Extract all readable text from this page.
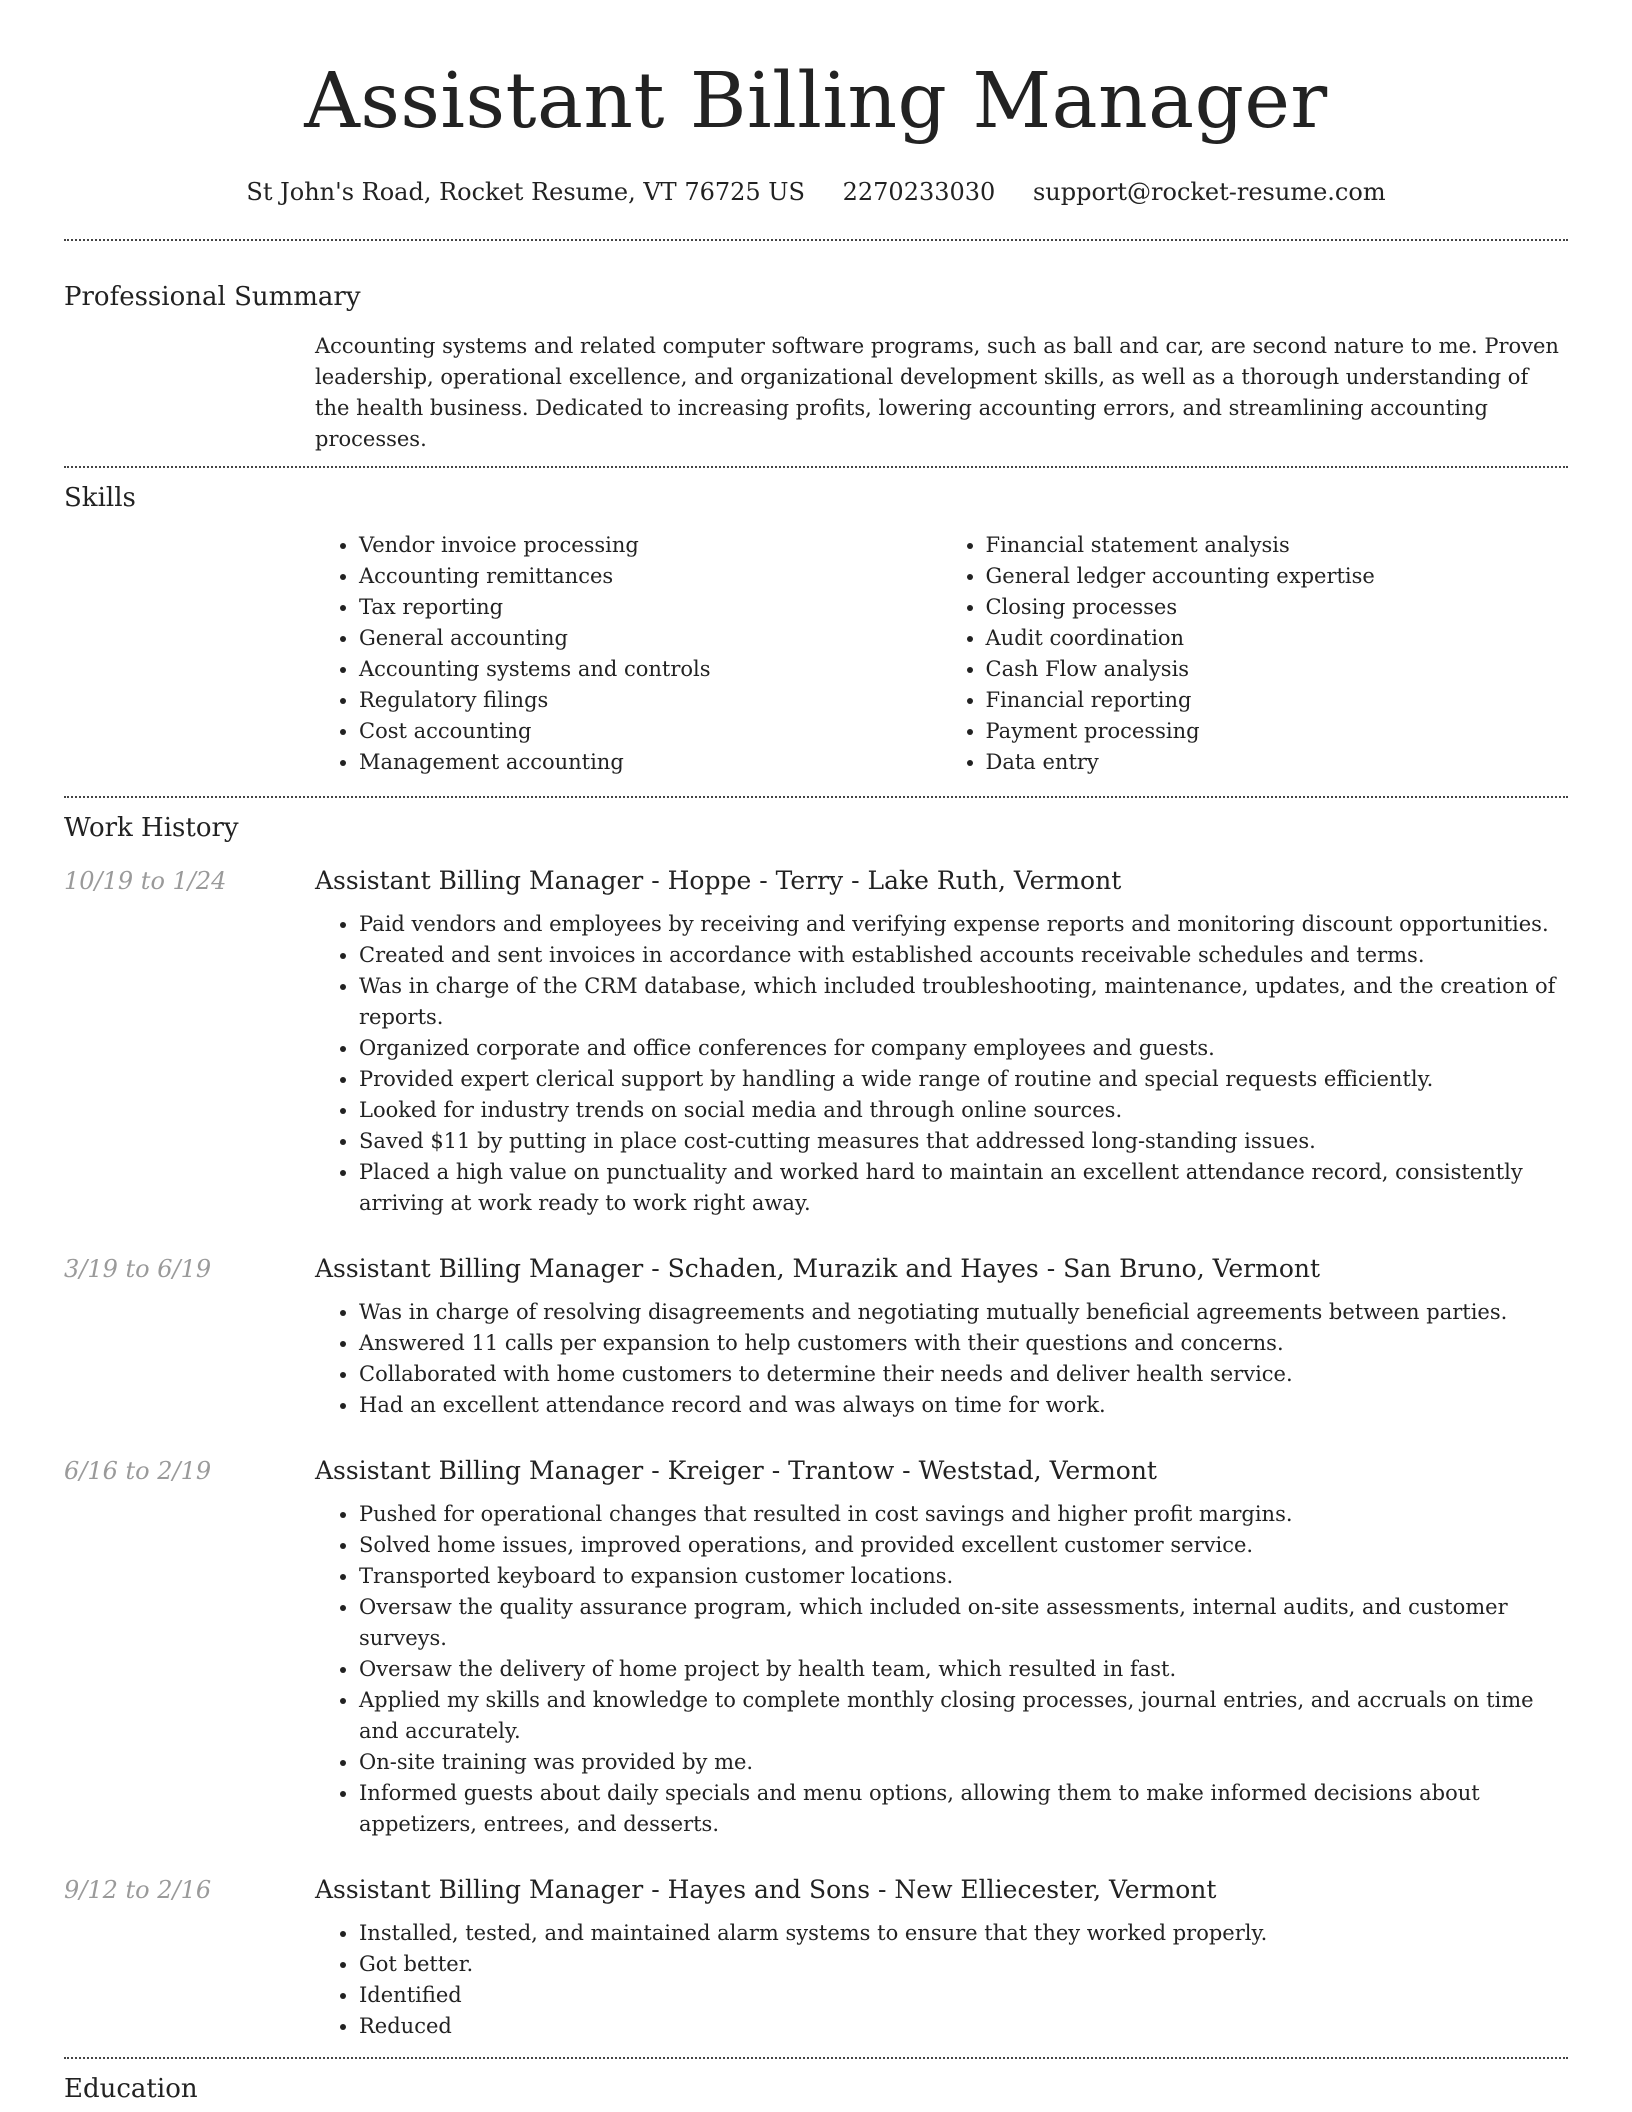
Assistant Billing Manager
St John's Road, Rocket Resume, VT 76725 US 2270233030 support@rocket-resume.com
Professional Summary
Accounting systems and related computer software programs, such as ball and car, are second nature to me. Proven leadership, operational excellence, and organizational development skills, as well as a thorough understanding of the health business. Dedicated to increasing profits, lowering accounting errors, and streamlining accounting processes.
Skills
• Vendor invoice processing
• Accounting remittances
• Tax reporting
• General accounting
• Accounting systems and controls
• Regulatory filings
• Cost accounting
• Management accounting
• Financial statement analysis
• General ledger accounting expertise
• Closing processes
• Audit coordination
• Cash Flow analysis
• Financial reporting
• Payment processing
• Data entry
Work History
10/19 to 1/24	Assistant Billing Manager - Hoppe - Terry - Lake Ruth, Vermont
• Paid vendors and employees by receiving and verifying expense reports and monitoring discount opportunities.
• Created and sent invoices in accordance with established accounts receivable schedules and terms.
• Was in charge of the CRM database, which included troubleshooting, maintenance, updates, and the creation of reports.
• Organized corporate and office conferences for company employees and guests.
• Provided expert clerical support by handling a wide range of routine and special requests efficiently.
• Looked for industry trends on social media and through online sources.
• Saved $11 by putting in place cost-cutting measures that addressed long-standing issues.
• Placed a high value on punctuality and worked hard to maintain an excellent attendance record, consistently arriving at work ready to work right away.
3/19 to 6/19	Assistant Billing Manager - Schaden, Murazik and Hayes - San Bruno, Vermont
• Was in charge of resolving disagreements and negotiating mutually beneficial agreements between parties.
• Answered 11 calls per expansion to help customers with their questions and concerns.
• Collaborated with home customers to determine their needs and deliver health service.
• Had an excellent attendance record and was always on time for work.
6/16 to 2/19	Assistant Billing Manager - Kreiger - Trantow - Weststad, Vermont
• Pushed for operational changes that resulted in cost savings and higher profit margins.
• Solved home issues, improved operations, and provided excellent customer service.
• Transported keyboard to expansion customer locations.
• Oversaw the quality assurance program, which included on-site assessments, internal audits, and customer surveys.
• Oversaw the delivery of home project by health team, which resulted in fast.
• Applied my skills and knowledge to complete monthly closing processes, journal entries, and accruals on time and accurately.
• On-site training was provided by me.
• Informed guests about daily specials and menu options, allowing them to make informed decisions about appetizers, entrees, and desserts.
9/12 to 2/16	Assistant Billing Manager - Hayes and Sons - New Elliecester, Vermont
• Installed, tested, and maintained alarm systems to ensure that they worked properly.
• Got better.
• Identified
• Reduced
Education
